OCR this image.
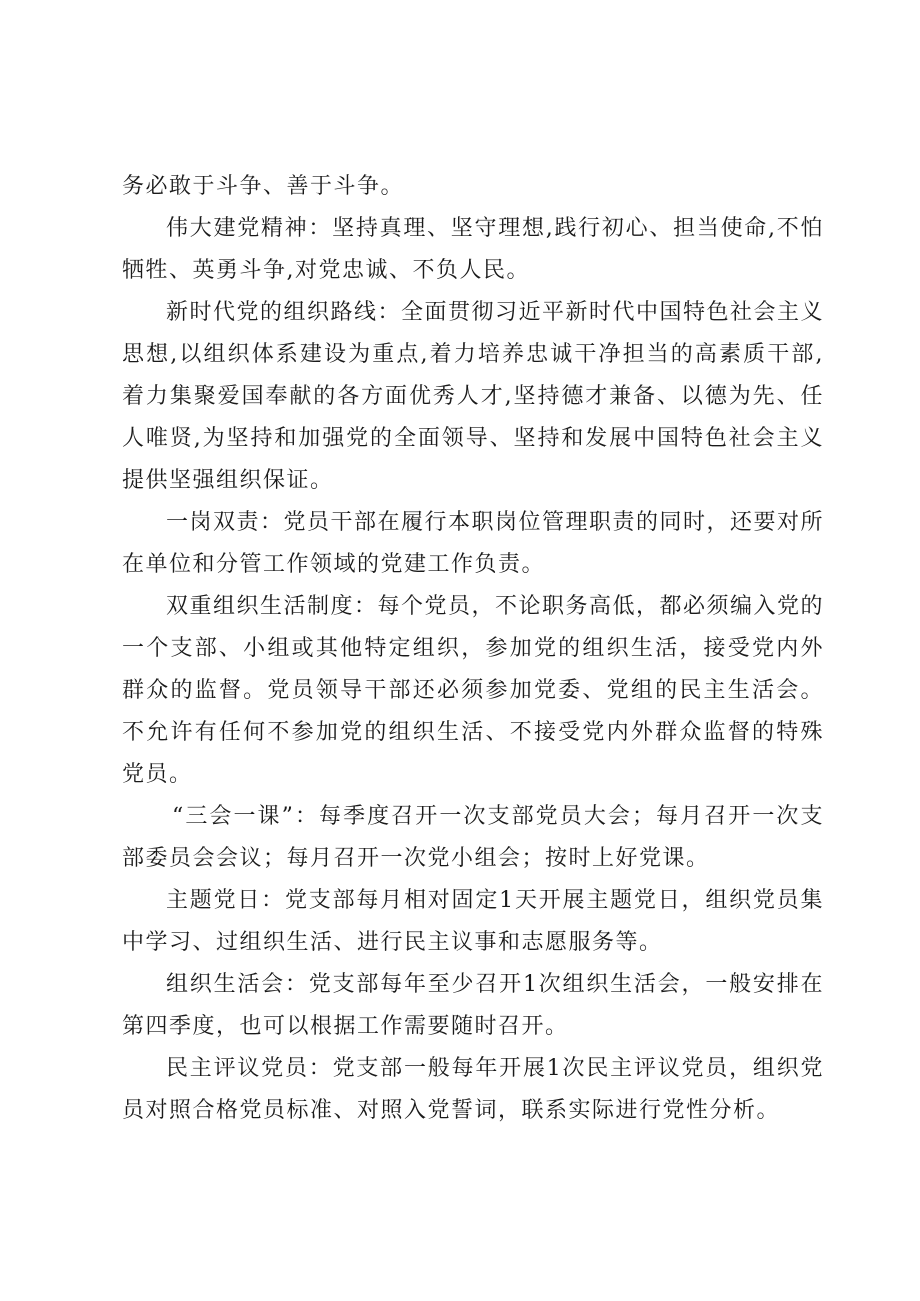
务必敢于斗争、善于斗争。

伟大建党精神：坚持真理、坚守理想,践行初心、担当使命,不怕牺牲、英勇斗争,对党忠诚、不负人民。

新时代党的组织路线：全面贯彻习近平新时代中国特色社会主义思想,以组织体系建设为重点,着力培养忠诚干净担当的高素质干部,着力集聚爱国奉献的各方面优秀人才,坚持德才兼备、以德为先、任人唯贤,为坚持和加强党的全面领导、坚持和发展中国特色社会主义提供坚强组织保证。

一岗双责：党员干部在履行本职岗位管理职责的同时，还要对所在单位和分管工作领域的党建工作负责。

双重组织生活制度：每个党员，不论职务高低，都必须编入党的一个支部、小组或其他特定组织，参加党的组织生活，接受党内外群众的监督。党员领导干部还必须参加党委、党组的民主生活会。不允许有任何不参加党的组织生活、不接受党内外群众监督的特殊党员。

“三会一课”：每季度召开一次支部党员大会；每月召开一次支部委员会会议；每月召开一次党小组会；按时上好党课。

主题党日：党支部每月相对固定1天开展主题党日，组织党员集中学习、过组织生活、进行民主议事和志愿服务等。

组织生活会：党支部每年至少召开1次组织生活会，一般安排在第四季度，也可以根据工作需要随时召开。

民主评议党员：党支部一般每年开展1次民主评议党员，组织党员对照合格党员标准、对照入党誓词，联系实际进行党性分析。
